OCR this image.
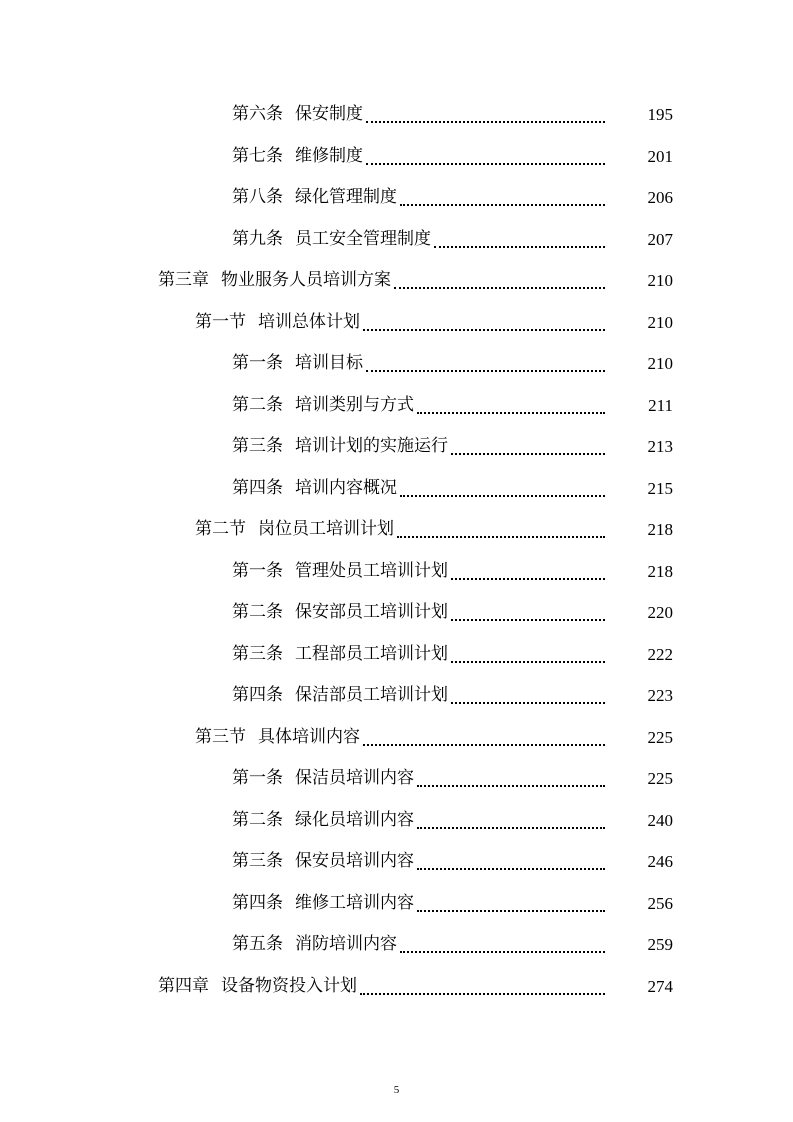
第六条 保安制度	195
第七条 维修制度	201
第八条 绿化管理制度	206
第九条 员工安全管理制度	207
第三章 物业服务人员培训方案	210
第一节 培训总体计划	210
第一条 培训目标	210
第二条 培训类别与方式	211
第三条 培训计划的实施运行	213
第四条 培训内容概况	215
第二节 岗位员工培训计划	218
第一条 管理处员工培训计划	218
第二条 保安部员工培训计划	220
第三条 工程部员工培训计划	222
第四条 保洁部员工培训计划	223
第三节 具体培训内容	225
第一条 保洁员培训内容	225
第二条 绿化员培训内容	240
第三条 保安员培训内容	246
第四条 维修工培训内容	256
第五条 消防培训内容	259
第四章 设备物资投入计划	274
5
